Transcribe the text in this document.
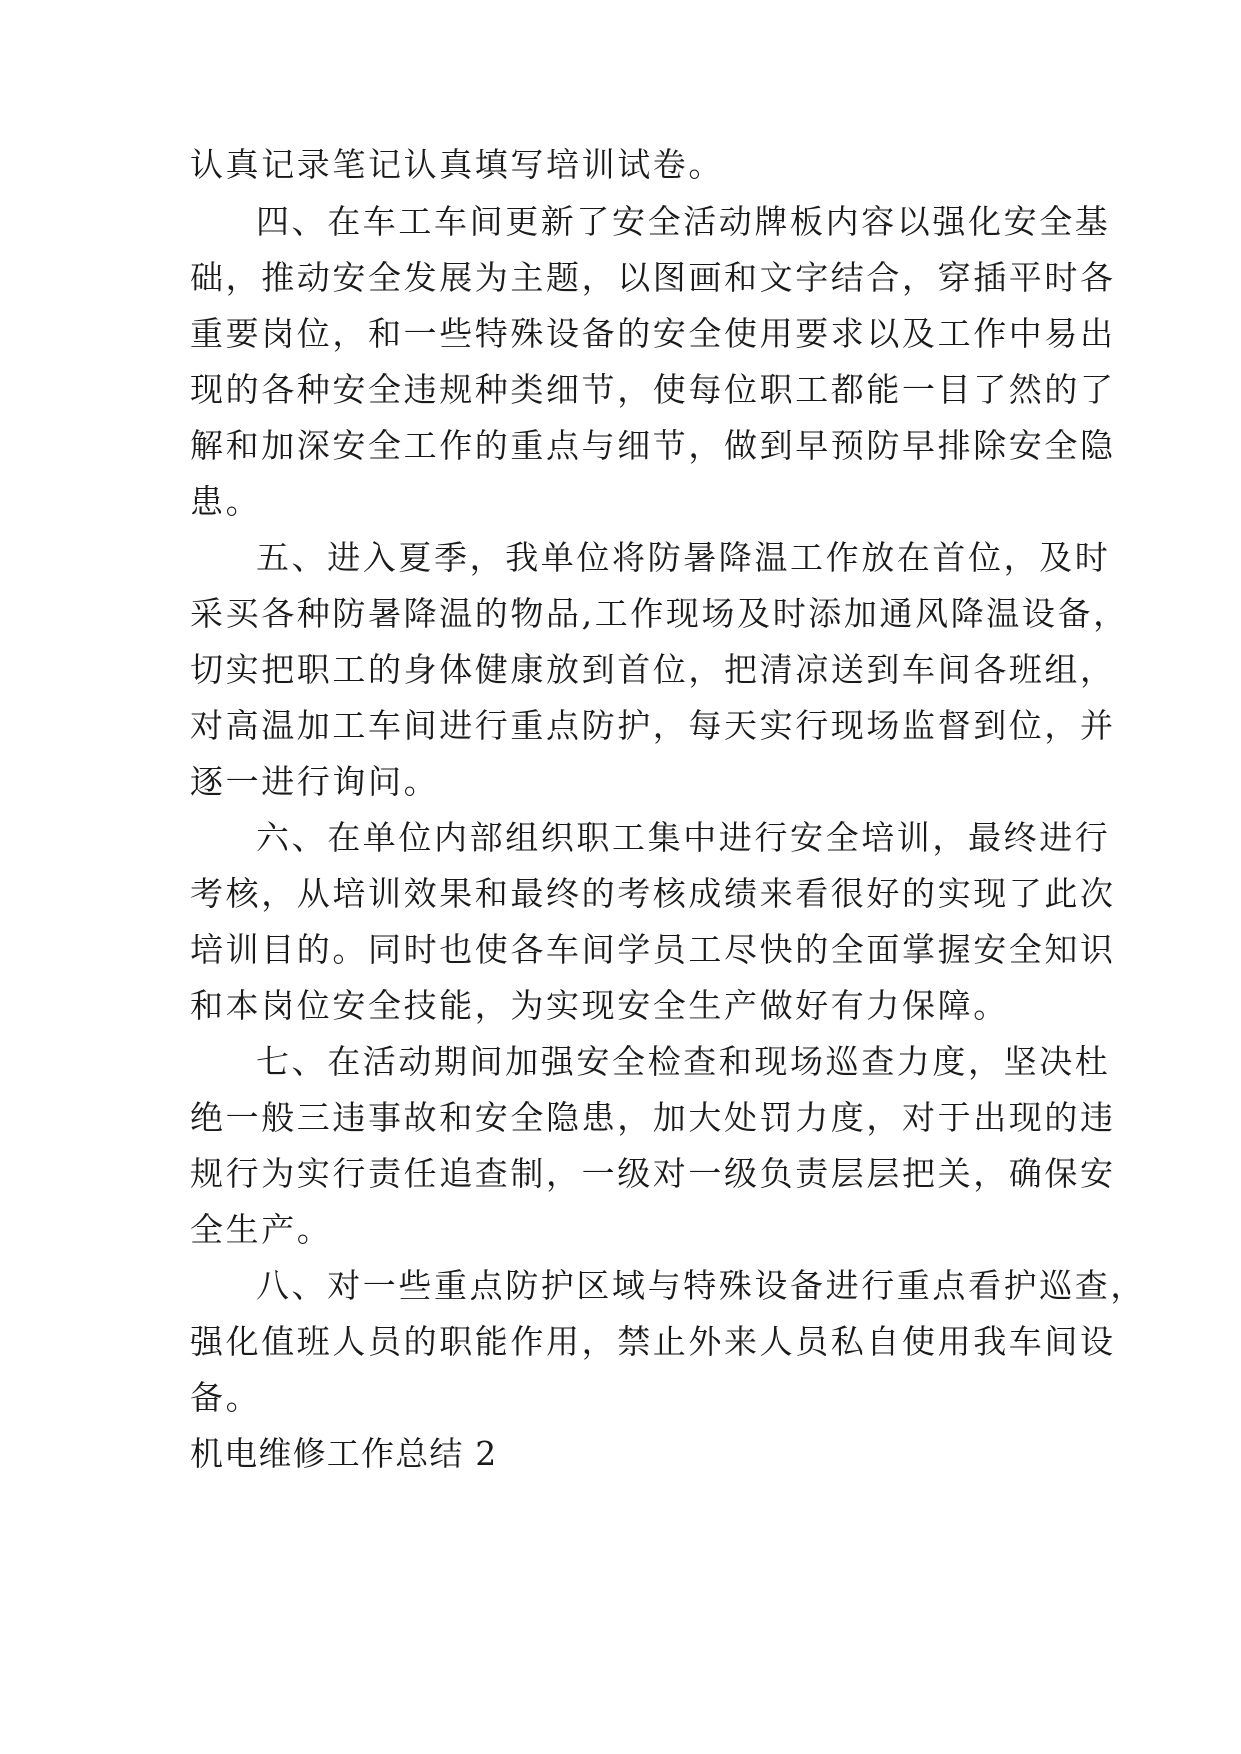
认真记录笔记认真填写培训试卷。
四、在车工车间更新了安全活动牌板内容以强化安全基
础，推动安全发展为主题，以图画和文字结合，穿插平时各
重要岗位，和一些特殊设备的安全使用要求以及工作中易出
现的各种安全违规种类细节，使每位职工都能一目了然的了
解和加深安全工作的重点与细节，做到早预防早排除安全隐
患。
五、进入夏季，我单位将防暑降温工作放在首位，及时
采买各种防暑降温的物品,工作现场及时添加通风降温设备，
切实把职工的身体健康放到首位，把清凉送到车间各班组，
对高温加工车间进行重点防护，每天实行现场监督到位，并
逐一进行询问。
六、在单位内部组织职工集中进行安全培训，最终进行
考核，从培训效果和最终的考核成绩来看很好的实现了此次
培训目的。同时也使各车间学员工尽快的全面掌握安全知识
和本岗位安全技能，为实现安全生产做好有力保障。
七、在活动期间加强安全检查和现场巡查力度，坚决杜
绝一般三违事故和安全隐患，加大处罚力度，对于出现的违
规行为实行责任追查制，一级对一级负责层层把关，确保安
全生产。
八、对一些重点防护区域与特殊设备进行重点看护巡查，
强化值班人员的职能作用，禁止外来人员私自使用我车间设
备。
机电维修工作总结 2
